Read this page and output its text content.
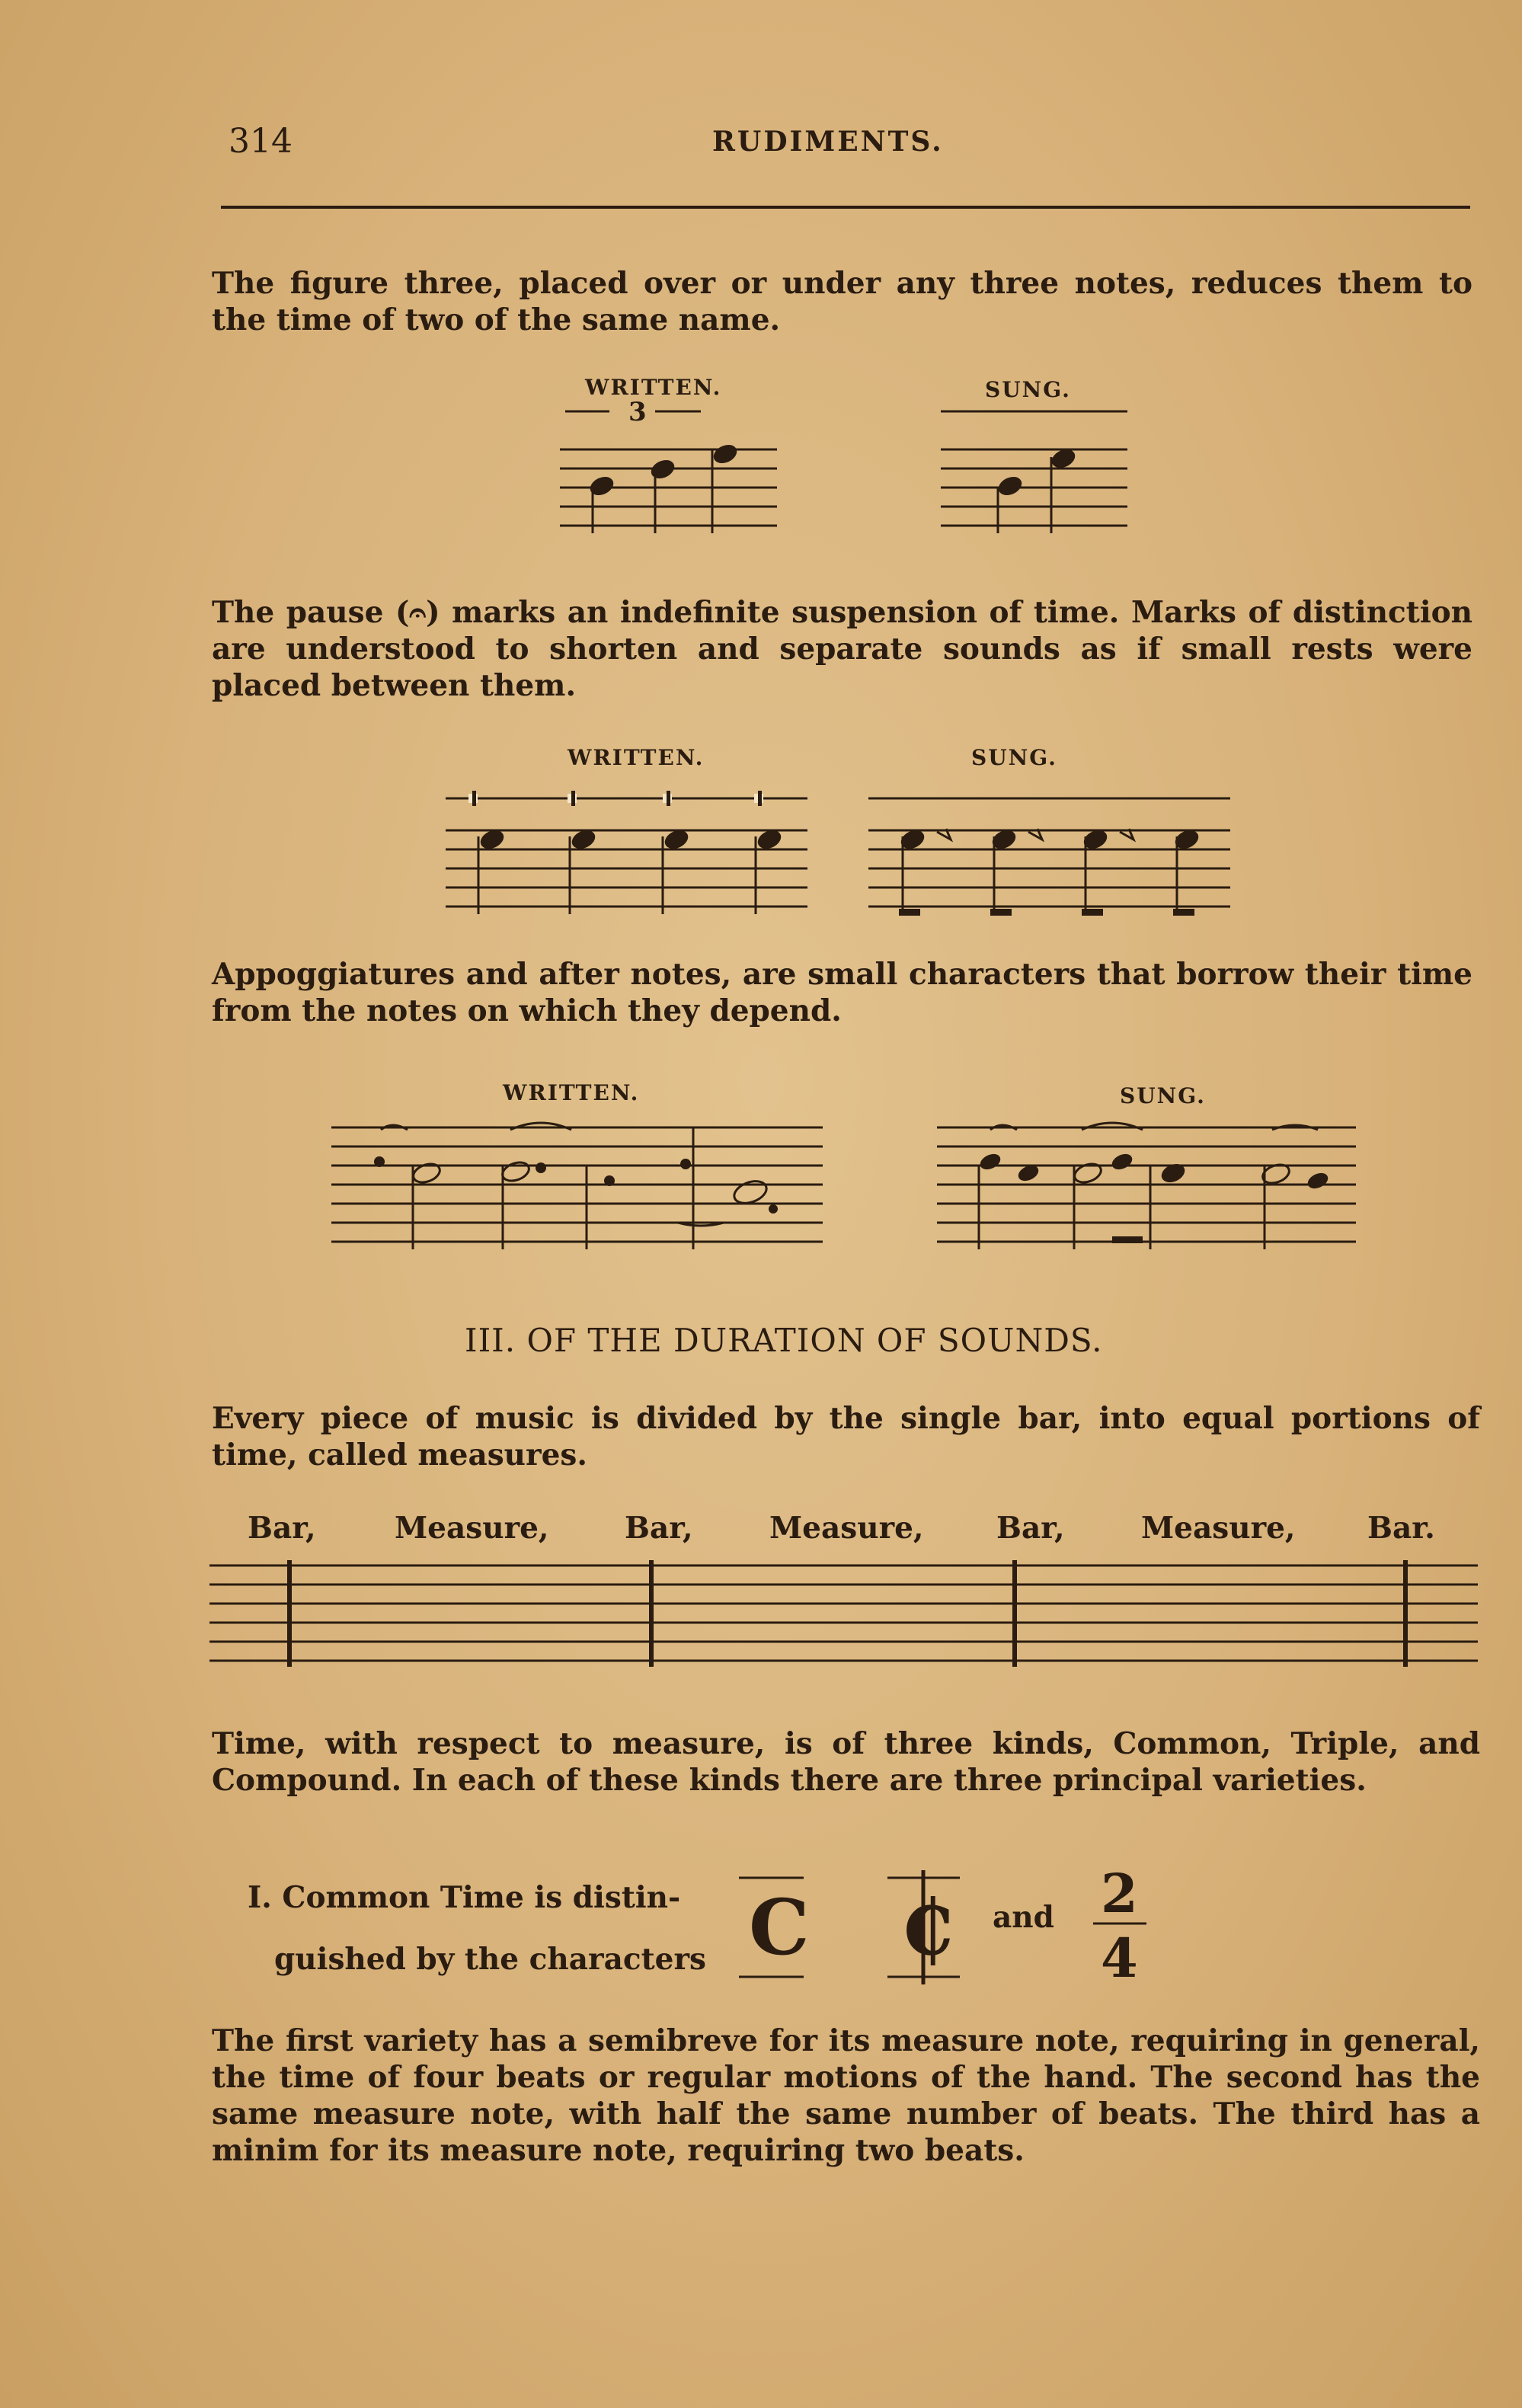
314	RUDIMENTS.
The figure three, placed over or under any three notes, reduces them to the time of two of the same name.
WRITTEN.	SUNG.
3
The pause (𝄐) marks an indefinite suspension of time. Marks of distinction are understood to shorten and separate sounds as if small rests were placed between them.
WRITTEN.	SUNG.
Appoggiatures and after notes, are small characters that borrow their time from the notes on which they depend.
WRITTEN.	SUNG.
III. OF THE DURATION OF SOUNDS.
Every piece of music is divided by the single bar, into equal portions of time, called measures.
Bar,	Measure,	Bar,	Measure, Bar,	Measure, Bar.
Time, with respect to measure, is of three kinds, Common, Triple, and Compound. In each of these kinds there are three principal varieties.
I. Common Time is distin-
guished by the characters C ₵ and 2
4
The first variety has a semibreve for its measure note, requiring in general, the time of four beats or regular motions of the hand. The second has the same measure note, with half the same number of beats. The third has a minim for its measure note, requiring two beats.
